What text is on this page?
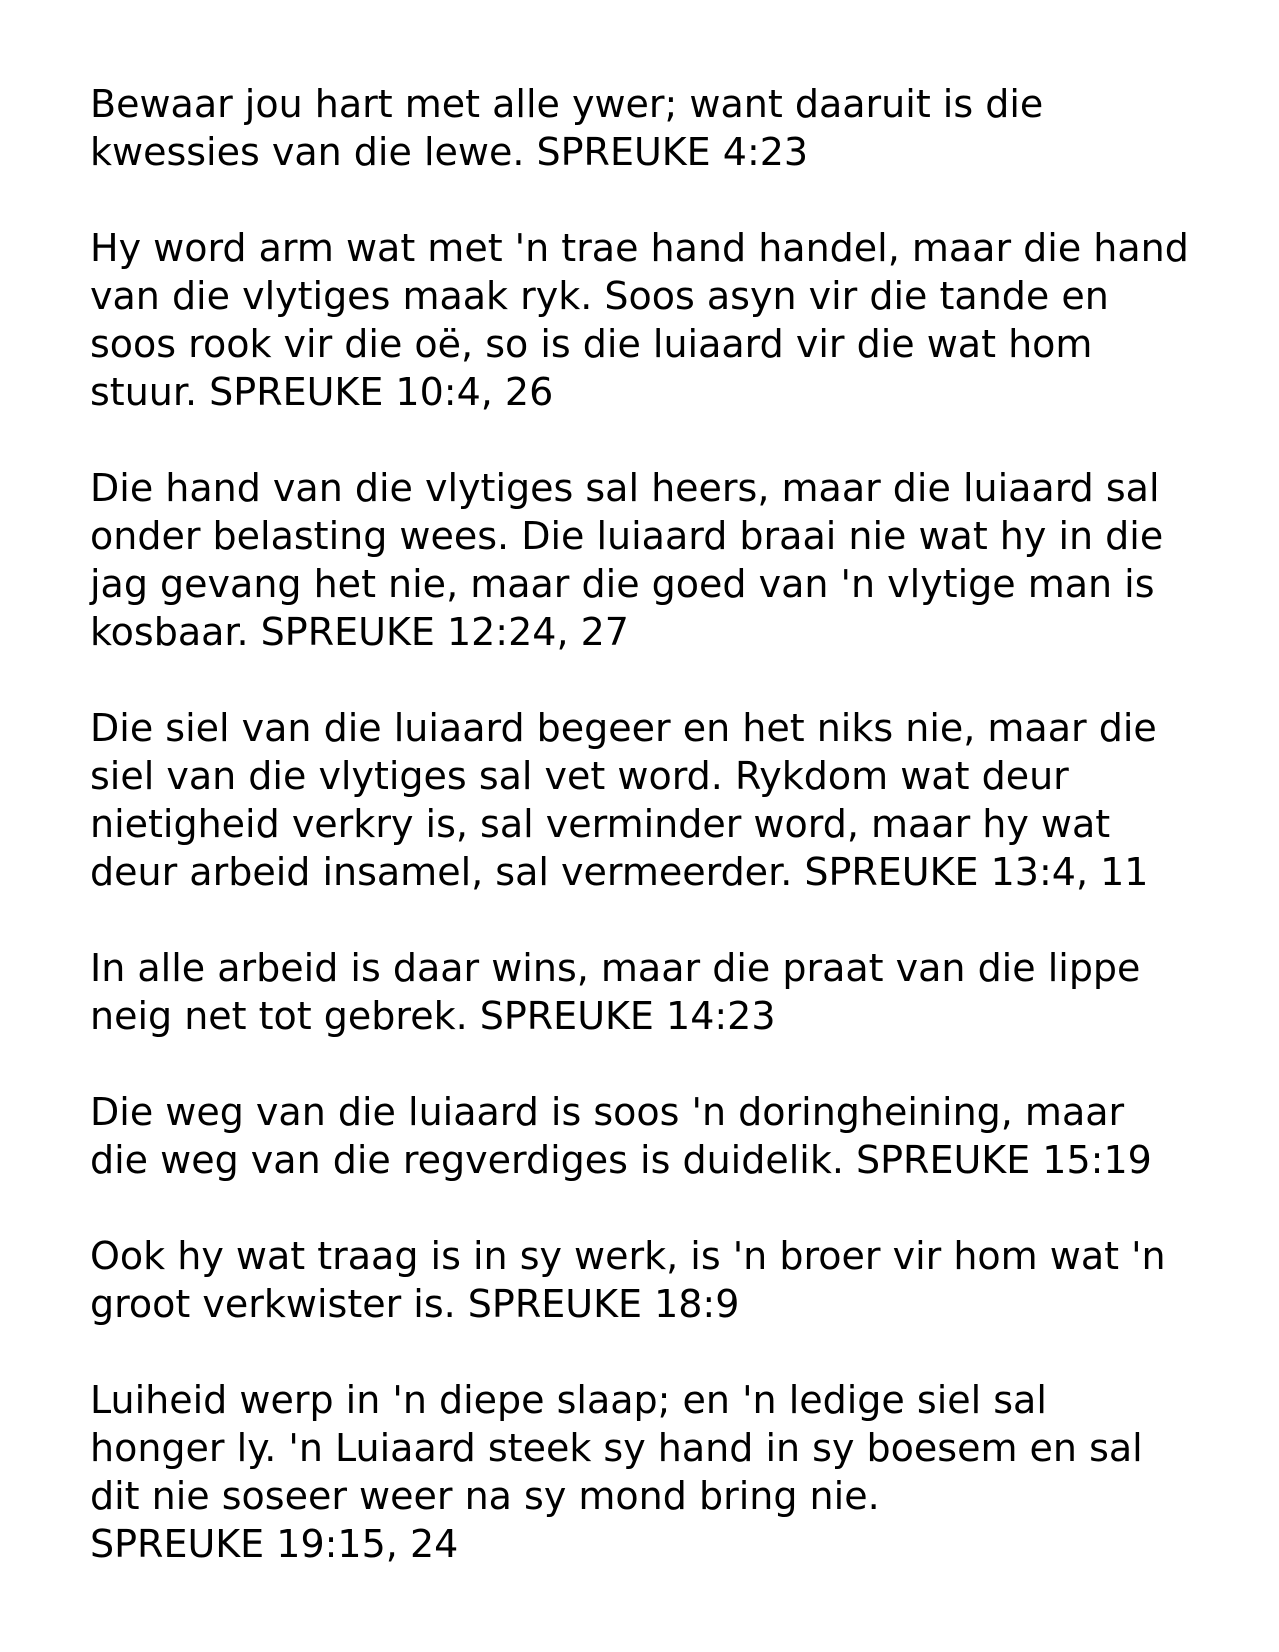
Bewaar jou hart met alle ywer; want daaruit is die
kwessies van die lewe. SPREUKE 4:23

Hy word arm wat met 'n trae hand handel, maar die hand
van die vlytiges maak ryk. Soos asyn vir die tande en
soos rook vir die oë, so is die luiaard vir die wat hom
stuur. SPREUKE 10:4, 26

Die hand van die vlytiges sal heers, maar die luiaard sal
onder belasting wees. Die luiaard braai nie wat hy in die
jag gevang het nie, maar die goed van 'n vlytige man is
kosbaar. SPREUKE 12:24, 27

Die siel van die luiaard begeer en het niks nie, maar die
siel van die vlytiges sal vet word. Rykdom wat deur
nietigheid verkry is, sal verminder word, maar hy wat
deur arbeid insamel, sal vermeerder. SPREUKE 13:4, 11

In alle arbeid is daar wins, maar die praat van die lippe
neig net tot gebrek. SPREUKE 14:23

Die weg van die luiaard is soos 'n doringheining, maar
die weg van die regverdiges is duidelik. SPREUKE 15:19

Ook hy wat traag is in sy werk, is 'n broer vir hom wat 'n
groot verkwister is. SPREUKE 18:9

Luiheid werp in 'n diepe slaap; en 'n ledige siel sal
honger ly. 'n Luiaard steek sy hand in sy boesem en sal
dit nie soseer weer na sy mond bring nie.
SPREUKE 19:15, 24
